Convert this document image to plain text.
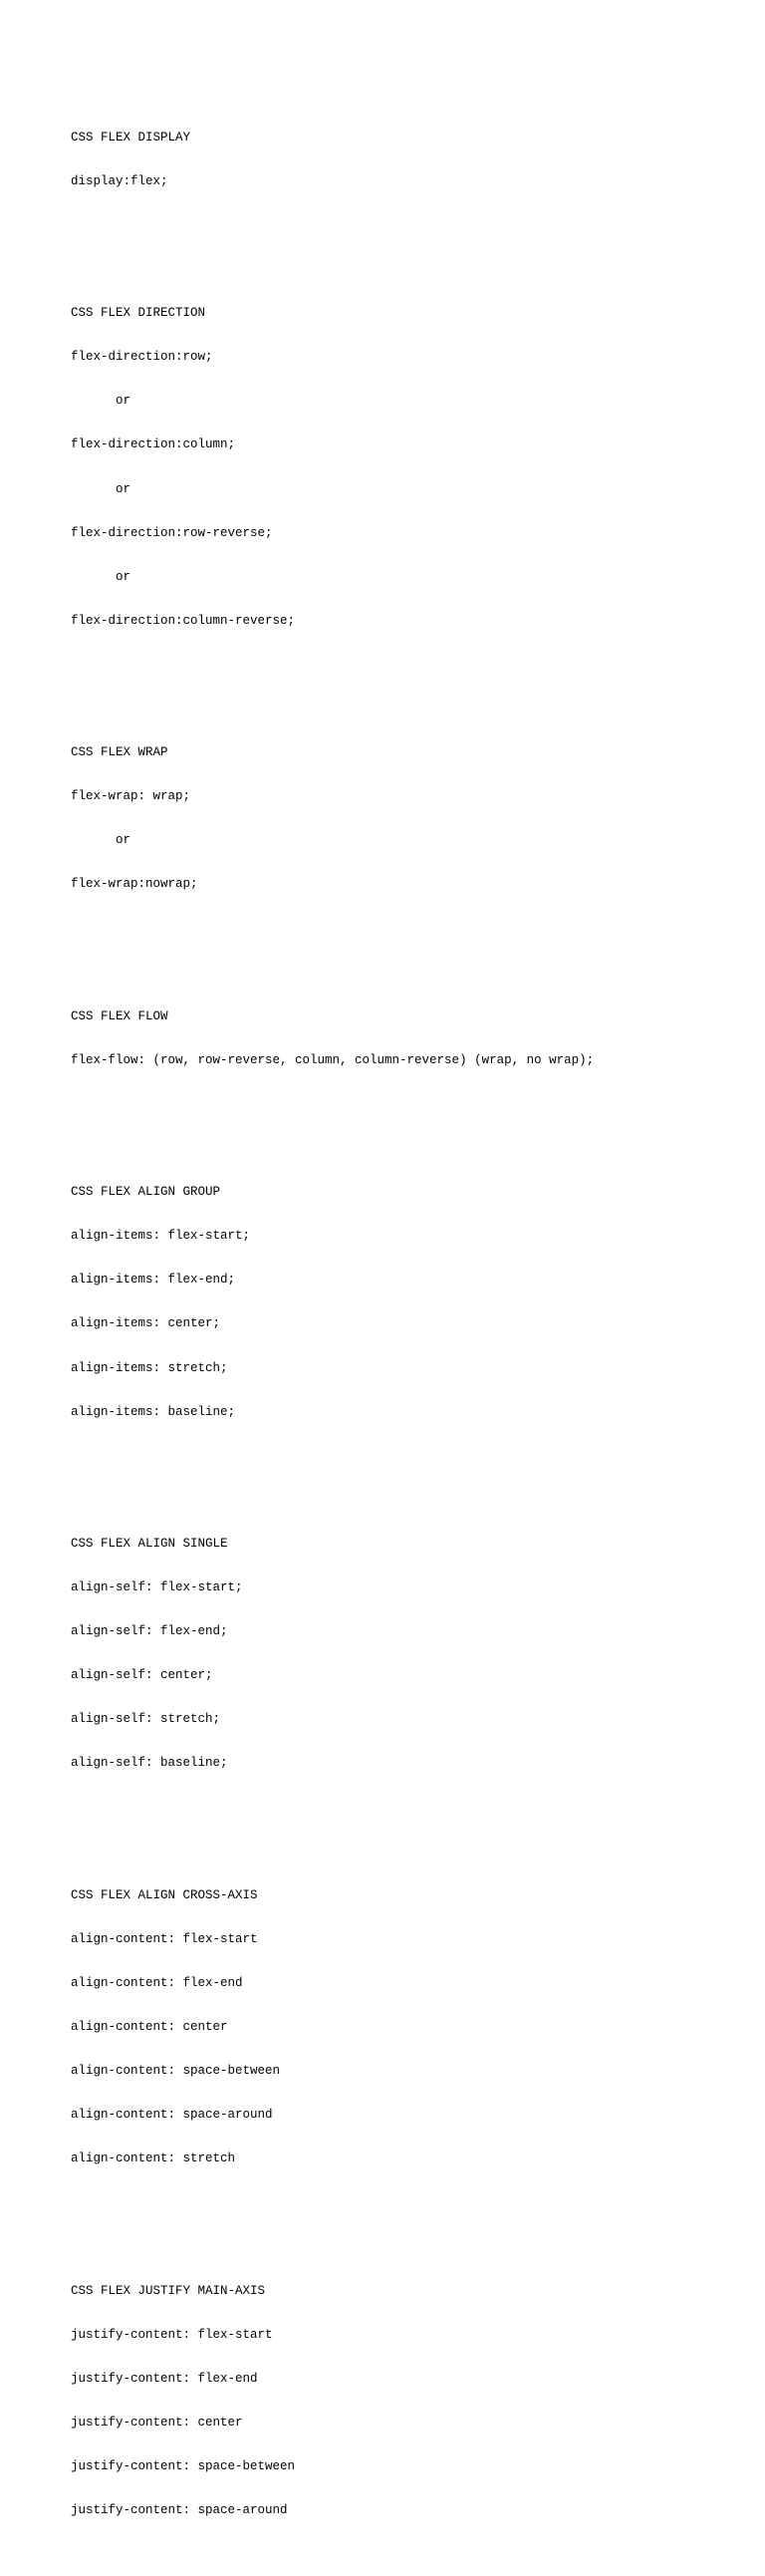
CSS FLEX DISPLAY

display:flex;

CSS FLEX DIRECTION

flex-direction:row;

or

flex-direction:column;

or

flex-direction:row-reverse;

or

flex-direction:column-reverse;

CSS FLEX WRAP

flex-wrap: wrap;

or

flex-wrap:nowrap;

CSS FLEX FLOW

flex-flow: (row, row-reverse, column, column-reverse) (wrap, no wrap);

CSS FLEX ALIGN GROUP

align-items: flex-start;

align-items: flex-end;

align-items: center;

align-items: stretch;

align-items: baseline;

CSS FLEX ALIGN SINGLE

align-self: flex-start;

align-self: flex-end;

align-self: center;

align-self: stretch;

align-self: baseline;

CSS FLEX ALIGN CROSS-AXIS

align-content: flex-start

align-content: flex-end

align-content: center

align-content: space-between

align-content: space-around

align-content: stretch

CSS FLEX JUSTIFY MAIN-AXIS

justify-content: flex-start

justify-content: flex-end

justify-content: center

justify-content: space-between

justify-content: space-around
